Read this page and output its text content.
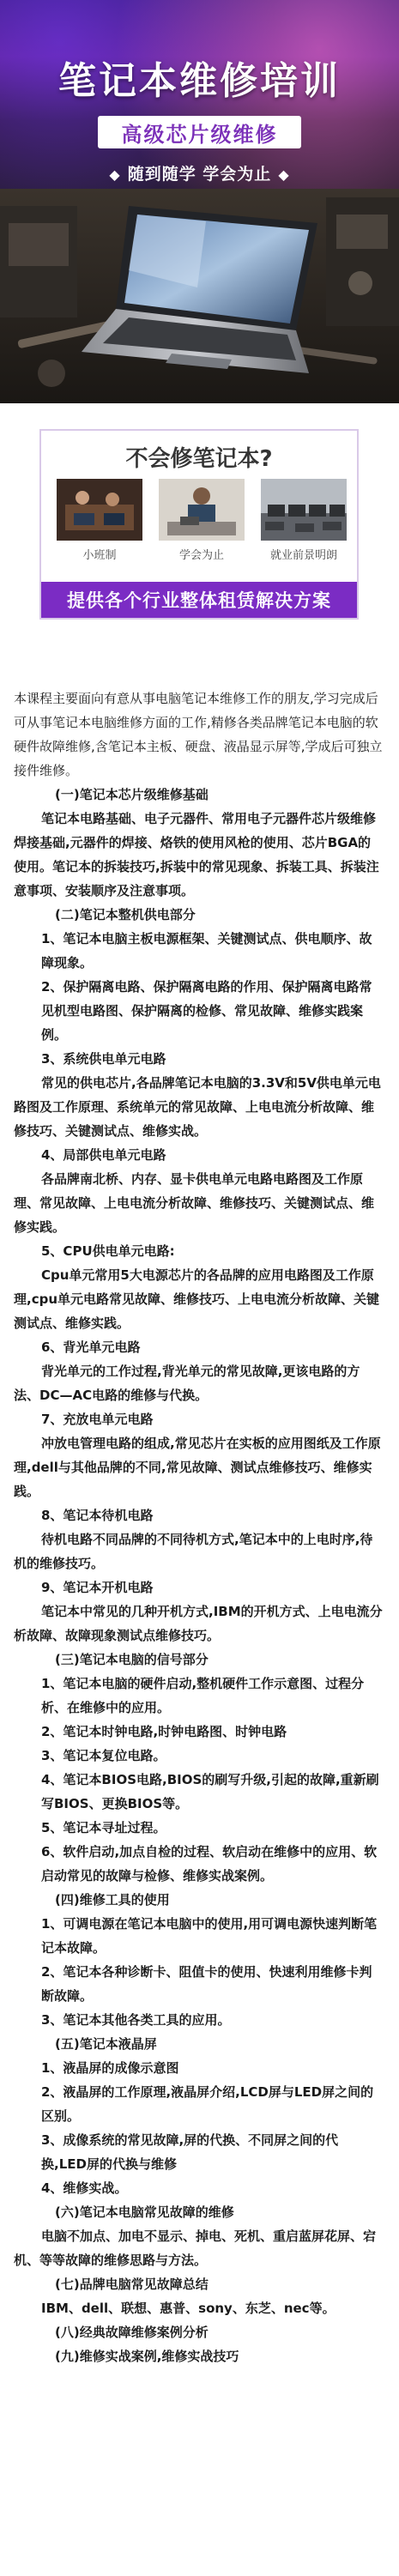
笔记本维修培训
高级芯片级维修
◆ 随到随学 学会为止 ◆
不会修笔记本?
小班制	学会为止	就业前景明朗
提供各个行业整体租赁解决方案

本课程主要面向有意从事电脑笔记本维修工作的朋友,学习完成后可从事笔记本电脑维修方面的工作,精修各类品牌笔记本电脑的软硬件故障维修,含笔记本主板、硬盘、液晶显示屏等,学成后可独立接件维修。

(一)笔记本芯片级维修基础

笔记本电路基础、电子元器件、常用电子元器件芯片级维修焊接基础,元器件的焊接、烙铁的使用风枪的使用、芯片BGA的使用。笔记本的拆装技巧,拆装中的常见现象、拆装工具、拆装注意事项、安装顺序及注意事项。

(二)笔记本整机供电部分

1、笔记本电脑主板电源框架、关键测试点、供电顺序、故障现象。

2、保护隔离电路、保护隔离电路的作用、保护隔离电路常见机型电路图、保护隔离的检修、常见故障、维修实践案例。

3、系统供电单元电路

常见的供电芯片,各品牌笔记本电脑的3.3V和5V供电单元电路图及工作原理、系统单元的常见故障、上电电流分析故障、维修技巧、关键测试点、维修实战。

4、局部供电单元电路

各品牌南北桥、内存、显卡供电单元电路电路图及工作原理、常见故障、上电电流分析故障、维修技巧、关键测试点、维修实践。

5、CPU供电单元电路:

Cpu单元常用5大电源芯片的各品牌的应用电路图及工作原理,cpu单元电路常见故障、维修技巧、上电电流分析故障、关键测试点、维修实践。

6、背光单元电路

背光单元的工作过程,背光单元的常见故障,更该电路的方法、DC—AC电路的维修与代换。

7、充放电单元电路

冲放电管理电路的组成,常见芯片在实板的应用图纸及工作原理,dell与其他品牌的不同,常见故障、测试点维修技巧、维修实践。

8、笔记本待机电路

待机电路不同品牌的不同待机方式,笔记本中的上电时序,待机的维修技巧。

9、笔记本开机电路

笔记本中常见的几种开机方式,IBM的开机方式、上电电流分析故障、故障现象测试点维修技巧。

(三)笔记本电脑的信号部分

1、笔记本电脑的硬件启动,整机硬件工作示意图、过程分析、在维修中的应用。

2、笔记本时钟电路,时钟电路图、时钟电路

3、笔记本复位电路。

4、笔记本BIOS电路,BIOS的刷写升级,引起的故障,重新刷写BIOS、更换BIOS等。

5、笔记本寻址过程。

6、软件启动,加点自检的过程、软启动在维修中的应用、软启动常见的故障与检修、维修实战案例。

(四)维修工具的使用

1、可调电源在笔记本电脑中的使用,用可调电源快速判断笔记本故障。

2、笔记本各种诊断卡、阻值卡的使用、快速利用维修卡判断故障。

3、笔记本其他各类工具的应用。

(五)笔记本液晶屏

1、液晶屏的成像示意图

2、液晶屏的工作原理,液晶屏介绍,LCD屏与LED屏之间的区别。

3、成像系统的常见故障,屏的代换、不同屏之间的代换,LED屏的代换与维修

4、维修实战。

(六)笔记本电脑常见故障的维修

电脑不加点、加电不显示、掉电、死机、重启蓝屏花屏、宕机、等等故障的维修思路与方法。

(七)品牌电脑常见故障总结

IBM、dell、联想、惠普、sony、东芝、nec等。

(八)经典故障维修案例分析

(九)维修实战案例,维修实战技巧
